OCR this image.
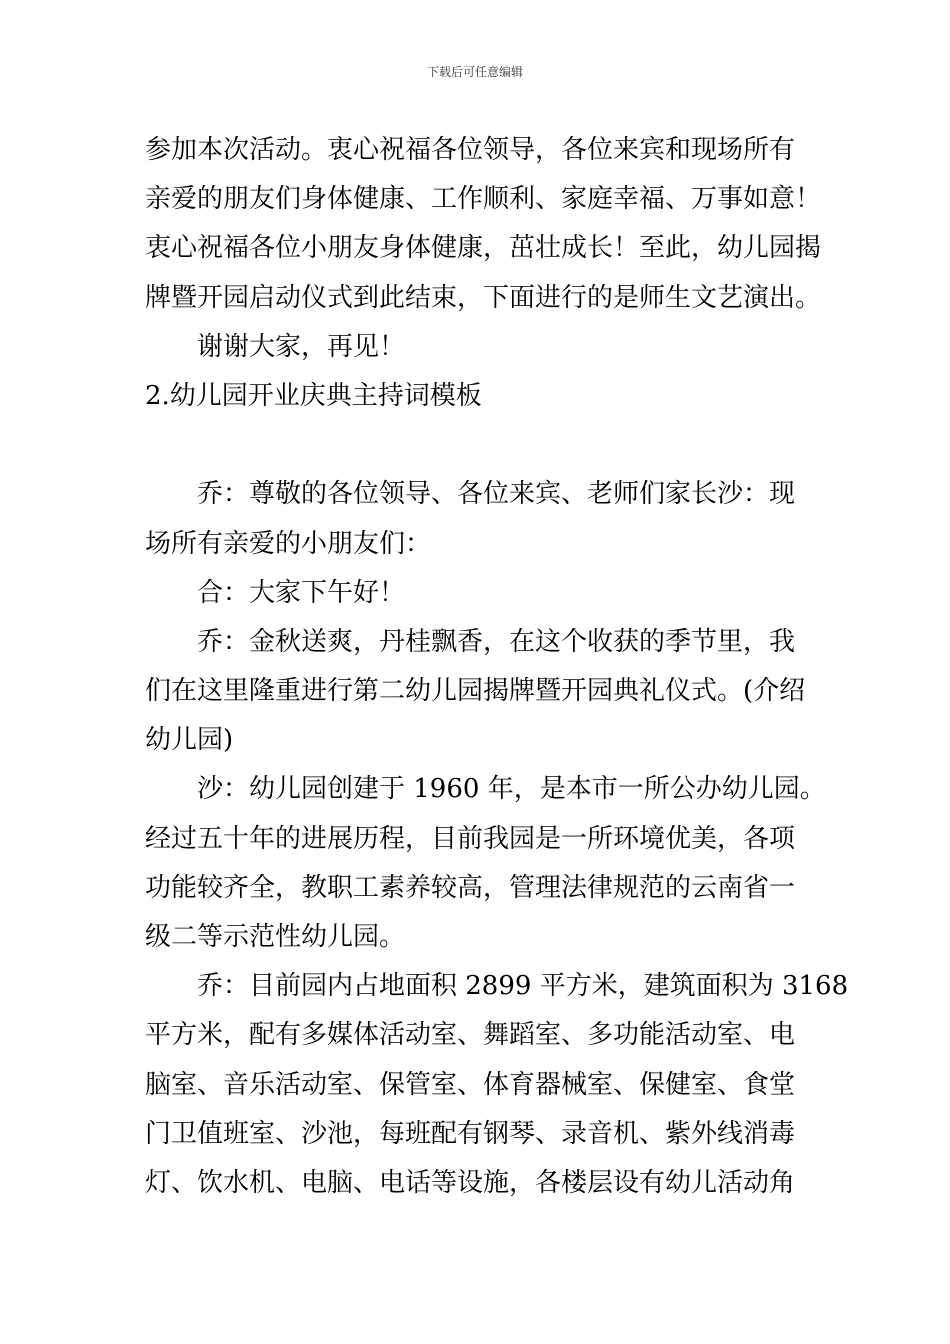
下载后可任意编辑
参加本次活动。衷心祝福各位领导，各位来宾和现场所有
亲爱的朋友们身体健康、工作顺利、家庭幸福、万事如意！
衷心祝福各位小朋友身体健康，茁壮成长！至此，幼儿园揭
牌暨开园启动仪式到此结束，下面进行的是师生文艺演出。
谢谢大家，再见！
2.幼儿园开业庆典主持词模板
乔：尊敬的各位领导、各位来宾、老师们家长沙：现
场所有亲爱的小朋友们：
合：大家下午好！
乔：金秋送爽，丹桂飘香，在这个收获的季节里，我
们在这里隆重进行第二幼儿园揭牌暨开园典礼仪式。(介绍
幼儿园)
沙：幼儿园创建于 1960 年，是本市一所公办幼儿园。
经过五十年的进展历程，目前我园是一所环境优美，各项
功能较齐全，教职工素养较高，管理法律规范的云南省一
级二等示范性幼儿园。
乔：目前园内占地面积 2899 平方米，建筑面积为 3168
平方米，配有多媒体活动室、舞蹈室、多功能活动室、电
脑室、音乐活动室、保管室、体育器械室、保健室、食堂
门卫值班室、沙池，每班配有钢琴、录音机、紫外线消毒
灯、饮水机、电脑、电话等设施，各楼层设有幼儿活动角
